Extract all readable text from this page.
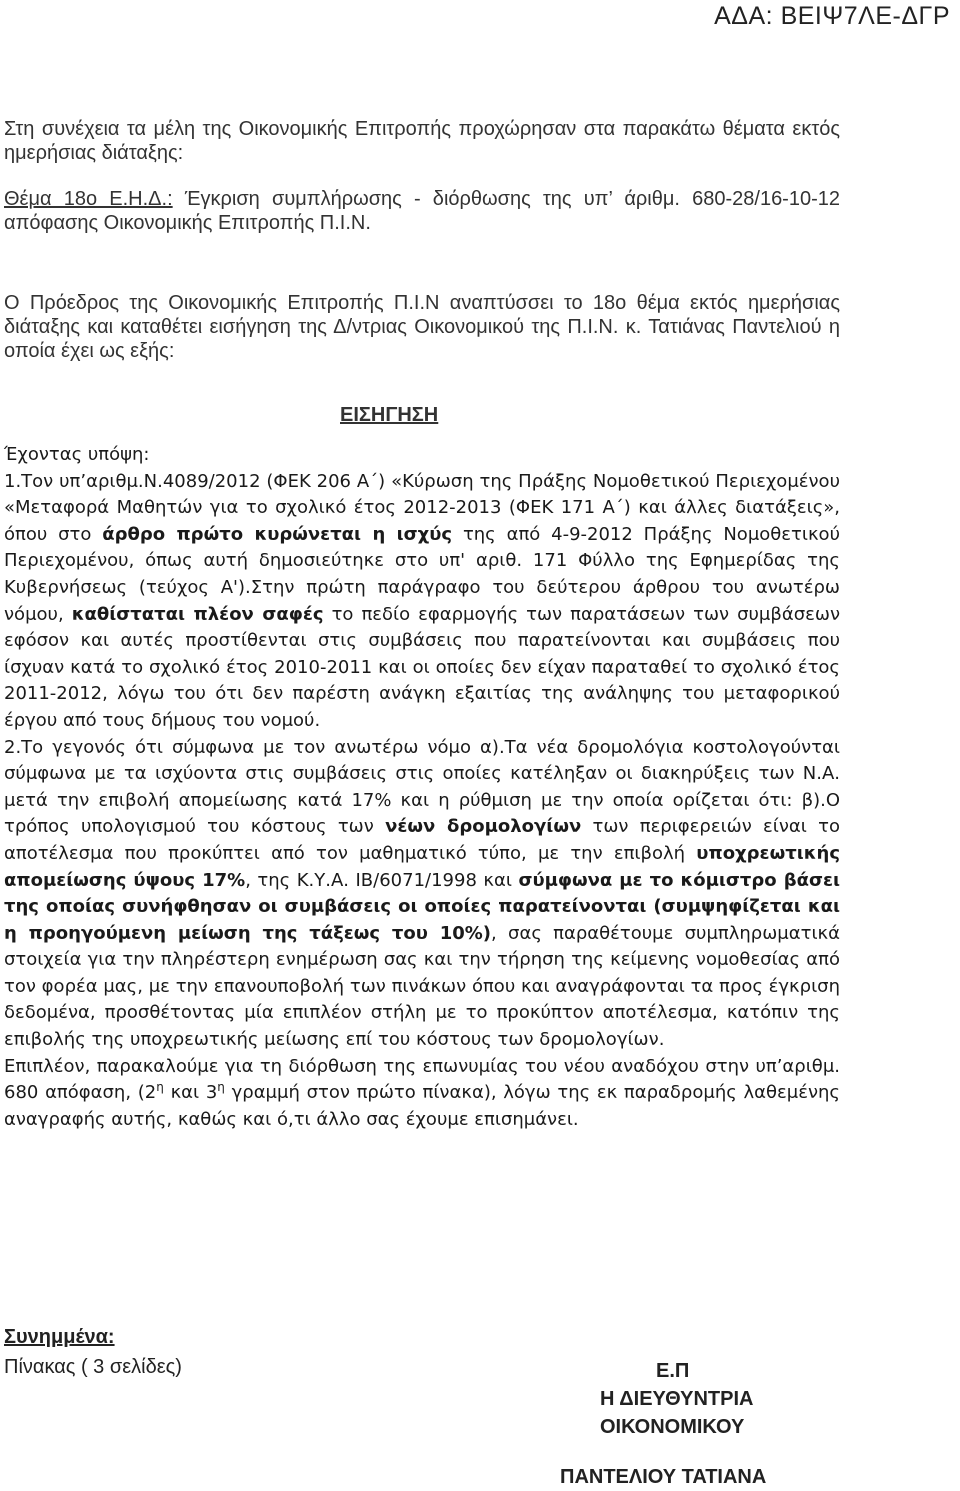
ΑΔΑ: ΒΕΙΨ7ΛΕ-ΔΓΡ
Στη συνέχεια τα μέλη της Οικονομικής Επιτροπής προχώρησαν στα παρακάτω θέματα εκτός ημερήσιας διάταξης:
Θέμα 18ο Ε.Η.Δ.: Έγκριση συμπλήρωσης - διόρθωσης της υπ’ άριθμ. 680-28/16-10-12 απόφασης Οικονομικής Επιτροπής Π.Ι.Ν.
Ο Πρόεδρος της Οικονομικής Επιτροπής Π.Ι.Ν αναπτύσσει το 18ο θέμα εκτός ημερήσιας διάταξης και καταθέτει εισήγηση της Δ/ντριας Οικονομικού της Π.Ι.Ν. κ. Τατιάνας Παντελιού η οποία έχει ως εξής:
ΕΙΣΗΓΗΣΗ

Έχοντας υπόψη:

1.Τον υπ’αριθμ.Ν.4089/2012 (ΦΕΚ 206 Α΄) «Κύρωση της Πράξης Νομοθετικού Περιεχομένου «Μεταφορά Μαθητών για το σχολικό έτος 2012-2013 (ΦΕΚ 171 Α΄) και άλλες διατάξεις», όπου στο άρθρο πρώτο κυρώνεται η ισχύς της από 4-9-2012 Πράξης Νομοθετικού Περιεχομένου, όπως αυτή δημοσιεύτηκε στο υπ' αριθ. 171 Φύλλο της Εφημερίδας της Κυβερνήσεως (τεύχος Α').Στην πρώτη παράγραφο του δεύτερου άρθρου του ανωτέρω νόμου, καθίσταται πλέον σαφές το πεδίο εφαρμογής των παρατάσεων των συμβάσεων εφόσον και αυτές προστίθενται στις συμβάσεις που παρατείνονται και συμβάσεις που ίσχυαν κατά το σχολικό έτος 2010-2011 και οι οποίες δεν είχαν παραταθεί το σχολικό έτος 2011-2012, λόγω του ότι δεν παρέστη ανάγκη εξαιτίας της ανάληψης του μεταφορικού έργου από τους δήμους του νομού.

2.Το γεγονός ότι σύμφωνα με τον ανωτέρω νόμο α).Τα νέα δρομολόγια κοστολογούνται σύμφωνα με τα ισχύοντα στις συμβάσεις στις οποίες κατέληξαν οι διακηρύξεις των Ν.Α. μετά την επιβολή απομείωσης κατά 17% και η ρύθμιση με την οποία ορίζεται ότι: β).Ο τρόπος υπολογισμού του κόστους των νέων δρομολογίων των περιφερειών είναι το αποτέλεσμα που προκύπτει από τον μαθηματικό τύπο, με την επιβολή υποχρεωτικής απομείωσης ύψους 17%, της Κ.Υ.Α. ΙΒ/6071/1998 και σύμφωνα με το κόμιστρο βάσει της οποίας συνήφθησαν οι συμβάσεις οι οποίες παρατείνονται (συμψηφίζεται και η προηγούμενη μείωση της τάξεως του 10%), σας παραθέτουμε συμπληρωματικά στοιχεία για την πληρέστερη ενημέρωση σας και την τήρηση της κείμενης νομοθεσίας από τον φορέα μας, με την επανουποβολή των πινάκων όπου και αναγράφονται τα προς έγκριση δεδομένα, προσθέτοντας μία επιπλέον στήλη με το προκύπτον αποτέλεσμα, κατόπιν της επιβολής της υποχρεωτικής μείωσης επί του κόστους των δρομολογίων.

Επιπλέον, παρακαλούμε για τη διόρθωση της επωνυμίας του νέου αναδόχου στην υπ’αριθμ. 680 απόφαση, ($2^\eta$ και $3^\eta$ γραμμή στον πρώτο πίνακα), λόγω της εκ παραδρομής λαθεμένης αναγραφής αυτής, καθώς και ό,τι άλλο σας έχουμε επισημάνει.

Συνημμένα:
Πίνακας ( 3 σελίδες)	Ε.Π
Η ΔΙΕΥΘΥΝΤΡΙΑ
ΟΙΚΟΝΟΜΙΚΟΥ
ΠΑΝΤΕΛΙΟΥ ΤΑΤΙΑΝΑ
